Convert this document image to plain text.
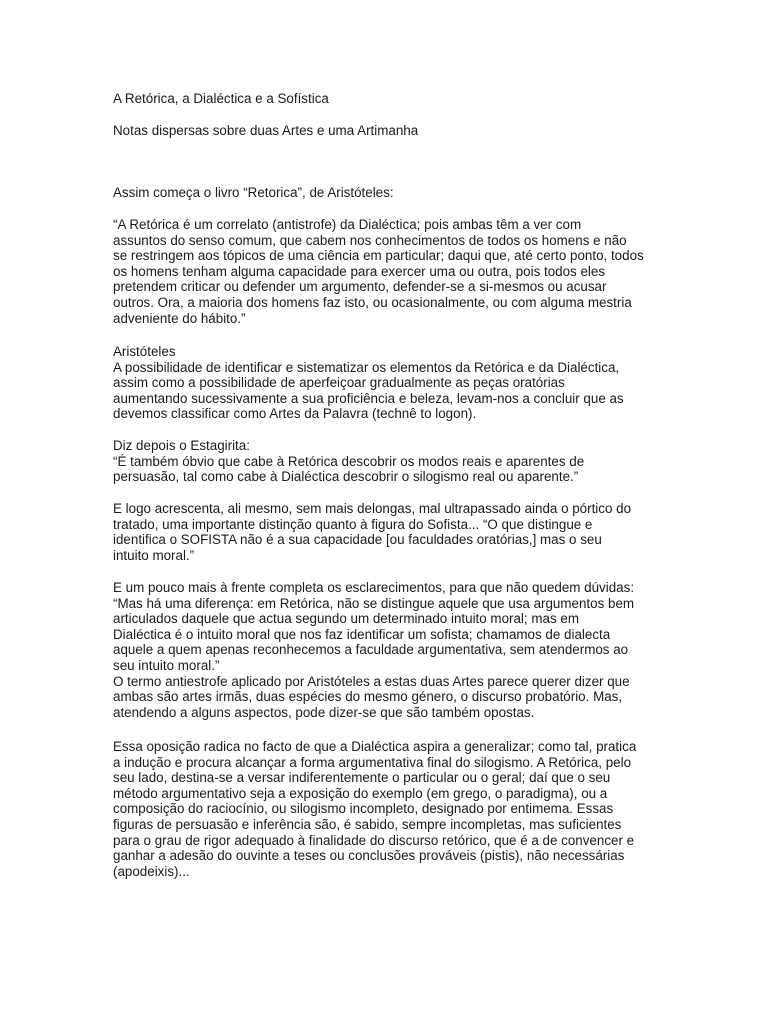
A Retórica, a Dialéctica e a Sofística
Notas dispersas sobre duas Artes e uma Artimanha
Assim começa o livro “Retorica”, de Aristóteles:
“A Retórica é um correlato (antistrofe) da Dialéctica; pois ambas têm a ver com
assuntos do senso comum, que cabem nos conhecimentos de todos os homens e não
se restringem aos tópicos de uma ciência em particular; daqui que, até certo ponto, todos
os homens tenham alguma capacidade para exercer uma ou outra, pois todos eles
pretendem criticar ou defender um argumento, defender-se a si-mesmos ou acusar
outros. Ora, a maioria dos homens faz isto, ou ocasionalmente, ou com alguma mestria
adveniente do hábito.”
Aristóteles
A possibilidade de identificar e sistematizar os elementos da Retórica e da Dialéctica,
assim como a possibilidade de aperfeiçoar gradualmente as peças oratórias
aumentando sucessivamente a sua proficiência e beleza, levam-nos a concluir que as
devemos classificar como Artes da Palavra (technê to logon).
Diz depois o Estagirita:
“É também óbvio que cabe à Retórica descobrir os modos reais e aparentes de
persuasão, tal como cabe à Dialéctica descobrir o silogismo real ou aparente.”
E logo acrescenta, ali mesmo, sem mais delongas, mal ultrapassado ainda o pórtico do
tratado, uma importante distinção quanto à figura do Sofista... “O que distingue e
identifica o SOFISTA não é a sua capacidade [ou faculdades oratórias,] mas o seu
intuito moral.”
E um pouco mais à frente completa os esclarecimentos, para que não quedem dúvidas:
“Mas há uma diferença: em Retórica, não se distingue aquele que usa argumentos bem
articulados daquele que actua segundo um determinado intuito moral; mas em
Dialéctica é o intuito moral que nos faz identificar um sofista; chamamos de dialecta
aquele a quem apenas reconhecemos a faculdade argumentativa, sem atendermos ao
seu intuito moral.”
O termo antiestrofe aplicado por Aristóteles a estas duas Artes parece querer dizer que
ambas são artes irmãs, duas espécies do mesmo género, o discurso probatório. Mas,
atendendo a alguns aspectos, pode dizer-se que são também opostas.
Essa oposição radica no facto de que a Dialéctica aspira a generalizar; como tal, pratica
a indução e procura alcançar a forma argumentativa final do silogismo. A Retórica, pelo
seu lado, destina-se a versar indiferentemente o particular ou o geral; daí que o seu
método argumentativo seja a exposição do exemplo (em grego, o paradigma), ou a
composição do raciocínio, ou silogismo incompleto, designado por entimema. Essas
figuras de persuasão e inferência são, é sabido, sempre incompletas, mas suficientes
para o grau de rigor adequado à finalidade do discurso retórico, que é a de convencer e
ganhar a adesão do ouvinte a teses ou conclusões prováveis (pistis), não necessárias
(apodeixis)...
